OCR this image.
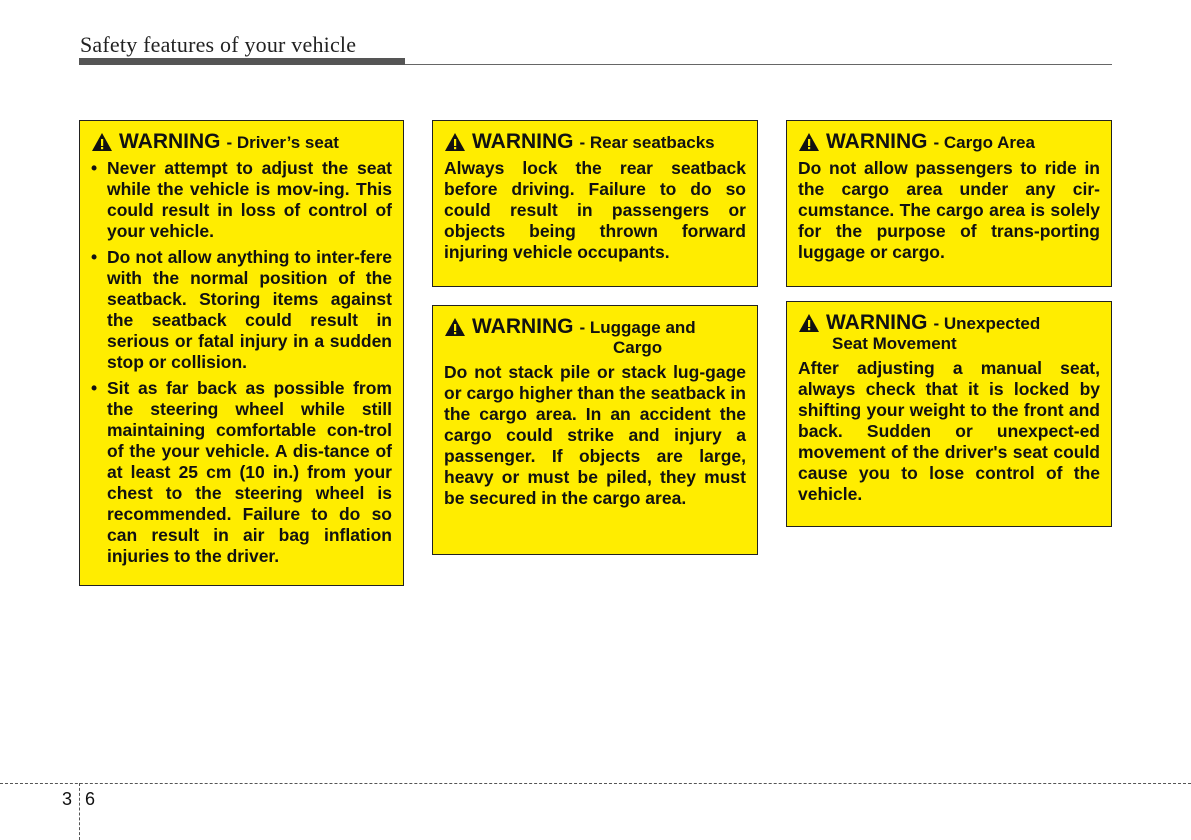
Safety features of your vehicle
WARNING - Driver’s seat
• Never attempt to adjust the seat while the vehicle is mov-ing. This could result in loss of control of your vehicle.
• Do not allow anything to inter-fere with the normal position of the seatback. Storing items against the seatback could result in serious or fatal injury in a sudden stop or collision.
• Sit as far back as possible from the steering wheel while still maintaining comfortable con-trol of the your vehicle. A dis-tance of at least 25 cm (10 in.) from your chest to the steering wheel is recommended. Failure to do so can result in air bag inflation injuries to the driver.
WARNING - Rear seatbacks
Always lock the rear seatback before driving. Failure to do so could result in passengers or objects being thrown forward injuring vehicle occupants.
WARNING - Luggage and
Cargo
Do not stack pile or stack lug-gage or cargo higher than the seatback in the cargo area. In an accident the cargo could strike and injury a passenger. If objects are large, heavy or must be piled, they must be secured in the cargo area.
WARNING - Cargo Area
Do not allow passengers to ride in the cargo area under any cir-cumstance. The cargo area is solely for the purpose of trans-porting luggage or cargo.
WARNING - Unexpected
Seat Movement
After adjusting a manual seat, always check that it is locked by shifting your weight to the front and back. Sudden or unexpect-ed movement of the driver's seat could cause you to lose control of the vehicle.
3 6
